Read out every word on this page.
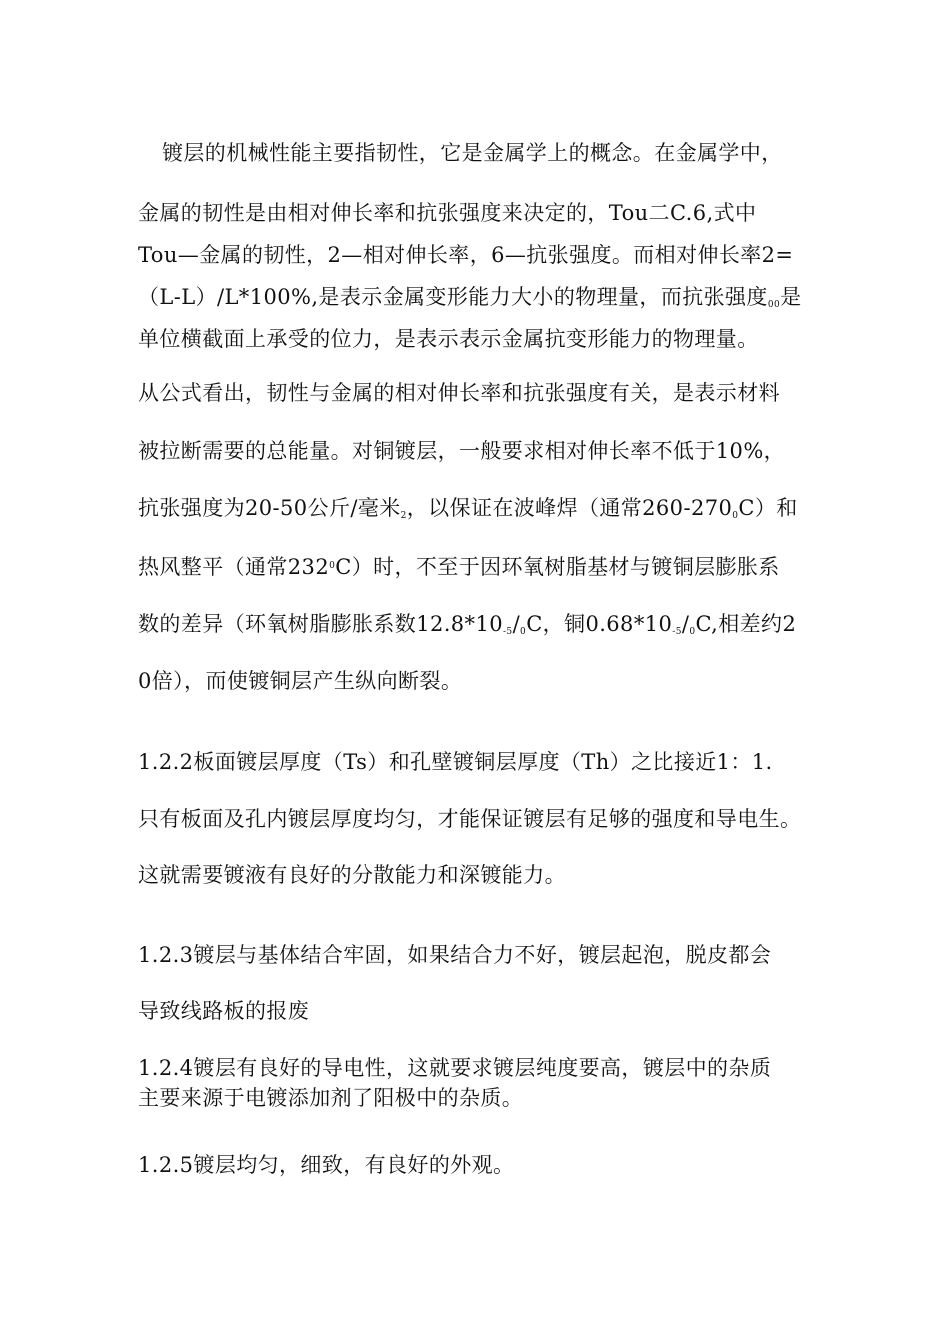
镀层的机械性能主要指韧性，它是金属学上的概念。在金属学中，
金属的韧性是由相对伸长率和抗张强度来决定的，Tou二C.6,式中
Tou—金属的韧性，2—相对伸长率，6—抗张强度。而相对伸长率2=
（L-L）/L*100%,是表示金属变形能力大小的物理量，而抗张强度$_{00}$是
单位横截面上承受的位力，是表示表示金属抗变形能力的物理量。
从公式看出，韧性与金属的相对伸长率和抗张强度有关，是表示材料
被拉断需要的总能量。对铜镀层，一般要求相对伸长率不低于10%，
抗张强度为20-50公斤/毫米$_2$，以保证在波峰焊（通常$260-270_0C$）和
热风整平（通常$232^0C$）时，不至于因环氧树脂基材与镀铜层膨胀系
数的差异（环氧树脂膨胀系数$12.8*10_{-5}/_0C$，铜$0.68*10_{-5}/_0C$,相差约2
0倍），而使镀铜层产生纵向断裂。
1.2.2板面镀层厚度（Ts）和孔壁镀铜层厚度（Th）之比接近1：1.
只有板面及孔内镀层厚度均匀，才能保证镀层有足够的强度和导电生。
这就需要镀液有良好的分散能力和深镀能力。
1.2.3镀层与基体结合牢固，如果结合力不好，镀层起泡，脱皮都会
导致线路板的报废
1.2.4镀层有良好的导电性，这就要求镀层纯度要高，镀层中的杂质
主要来源于电镀添加剂了阳极中的杂质。
1.2.5镀层均匀，细致，有良好的外观。
